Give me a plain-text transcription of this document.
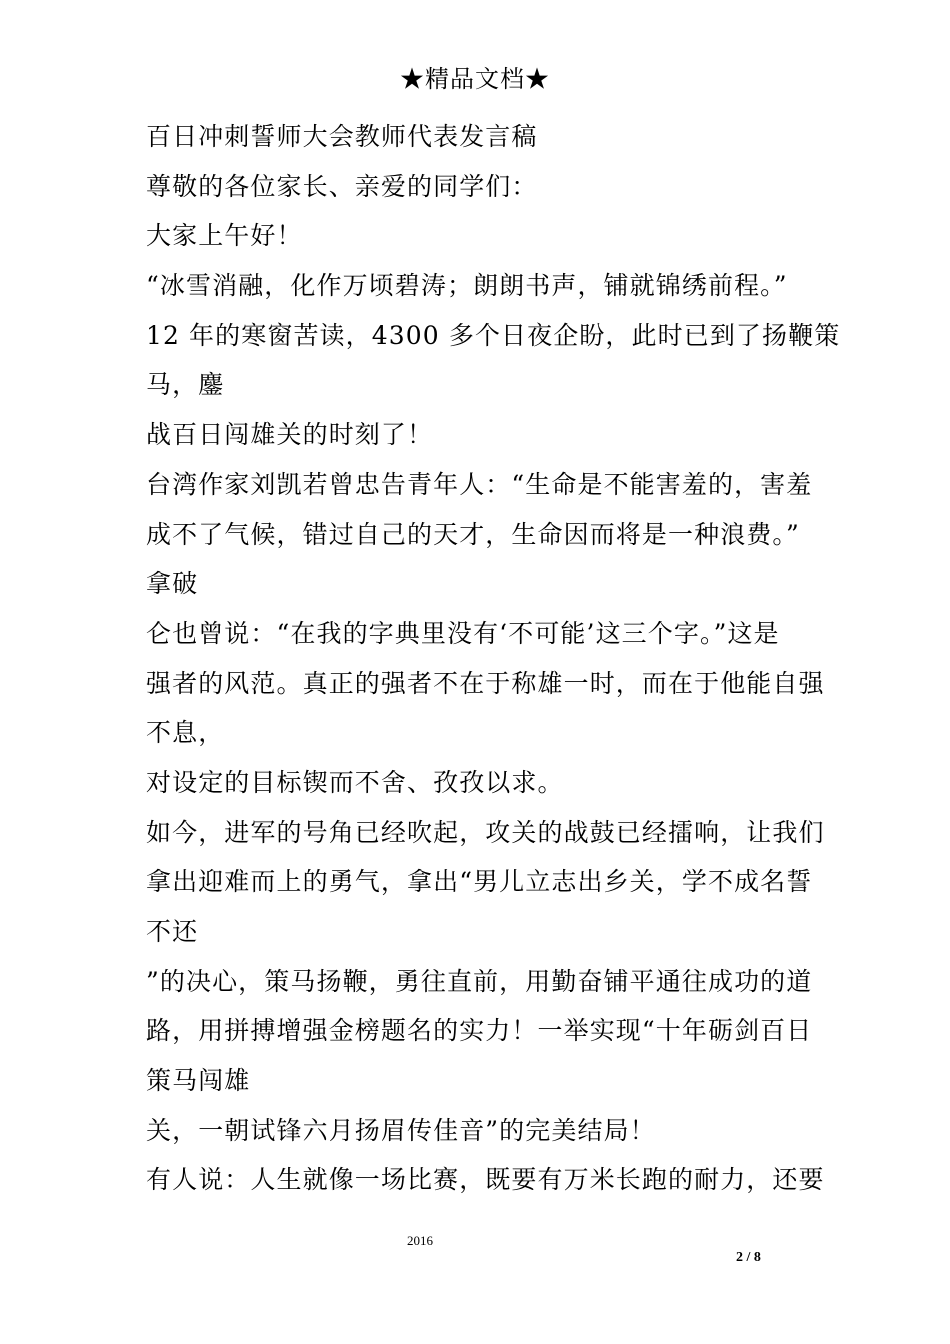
★精品文档★
百日冲刺誓师大会教师代表发言稿
尊敬的各位家长、亲爱的同学们：
大家上午好！
“冰雪消融，化作万顷碧涛；朗朗书声，铺就锦绣前程。”
12 年的寒窗苦读，4300 多个日夜企盼，此时已到了扬鞭策
马，鏖
战百日闯雄关的时刻了！
台湾作家刘凯若曾忠告青年人：“生命是不能害羞的，害羞
成不了气候，错过自己的天才，生命因而将是一种浪费。”
拿破
仑也曾说：“在我的字典里没有‘不可能’这三个字。”这是
强者的风范。真正的强者不在于称雄一时，而在于他能自强
不息，
对设定的目标锲而不舍、孜孜以求。
如今，进军的号角已经吹起，攻关的战鼓已经擂响，让我们
拿出迎难而上的勇气，拿出“男儿立志出乡关，学不成名誓
不还
”的决心，策马扬鞭，勇往直前，用勤奋铺平通往成功的道
路，用拼搏增强金榜题名的实力！一举实现“十年砺剑百日
策马闯雄
关，一朝试锋六月扬眉传佳音”的完美结局！
有人说：人生就像一场比赛，既要有万米长跑的耐力，还要
2016
2 / 8
